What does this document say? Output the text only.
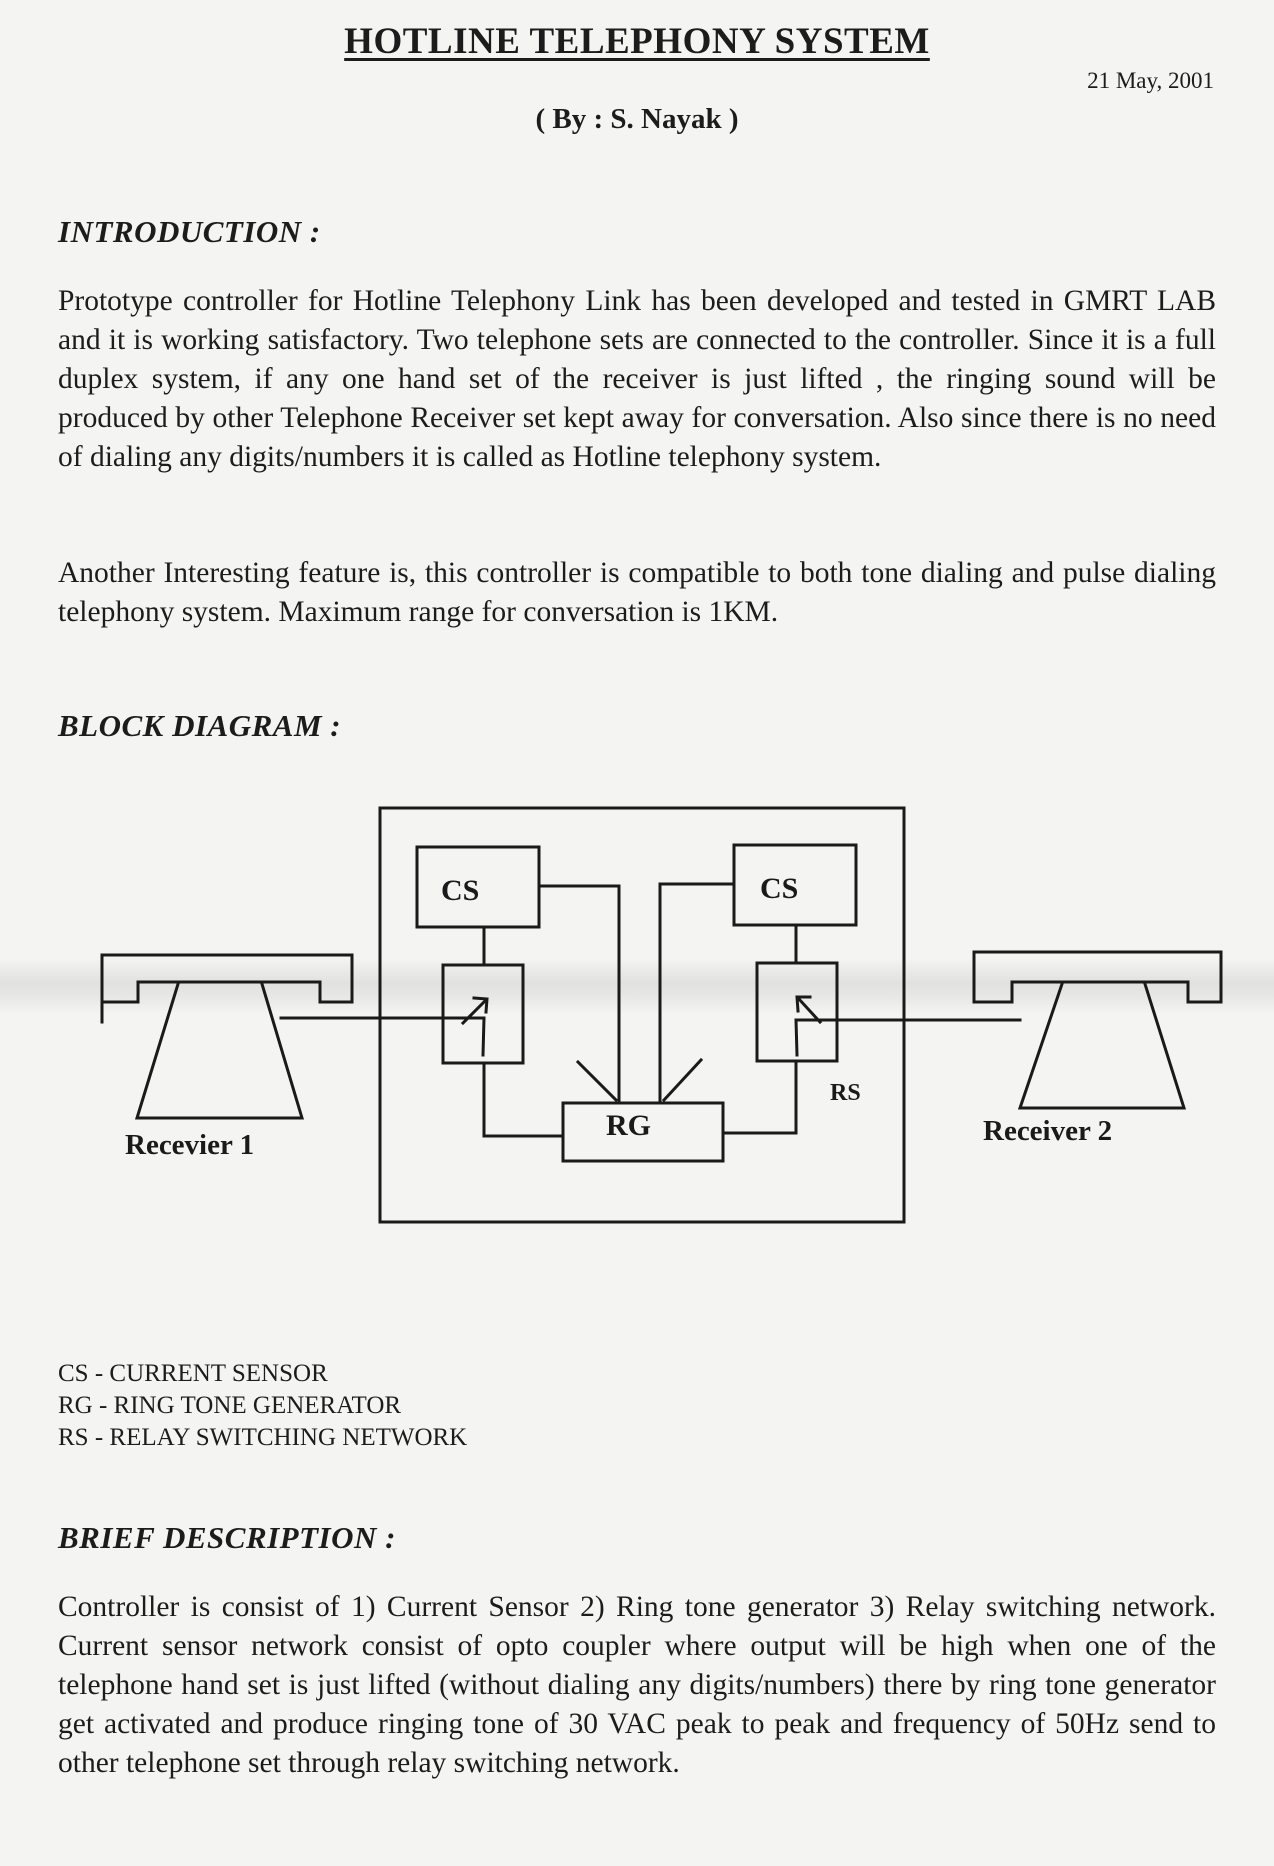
HOTLINE TELEPHONY SYSTEM
21 May, 2001
( By : S. Nayak )
INTRODUCTION :

Prototype controller for Hotline Telephony Link has been developed and tested in GMRT LAB and it is working satisfactory. Two telephone sets are connected to the controller. Since it is a full duplex system, if any one hand set of the receiver is just lifted , the ringing sound will be produced by other Telephone Receiver set kept away for conversation. Also since there is no need of dialing any digits/numbers it is called as Hotline telephony system.

Another Interesting feature is, this controller is compatible to both tone dialing and pulse dialing telephony system. Maximum range for conversation is 1KM.

BLOCK DIAGRAM :
CS	CS
RG
RS
Recevier 1	Receiver 2
CS - CURRENT SENSOR
RG - RING TONE GENERATOR
RS - RELAY SWITCHING NETWORK
BRIEF DESCRIPTION :

Controller is consist of 1) Current Sensor 2) Ring tone generator 3) Relay switching network. Current sensor network consist of opto coupler where output will be high when one of the telephone hand set is just lifted (without dialing any digits/numbers) there by ring tone generator get activated and produce ringing tone of 30 VAC peak to peak and frequency of 50Hz send to other telephone set through relay switching network.
